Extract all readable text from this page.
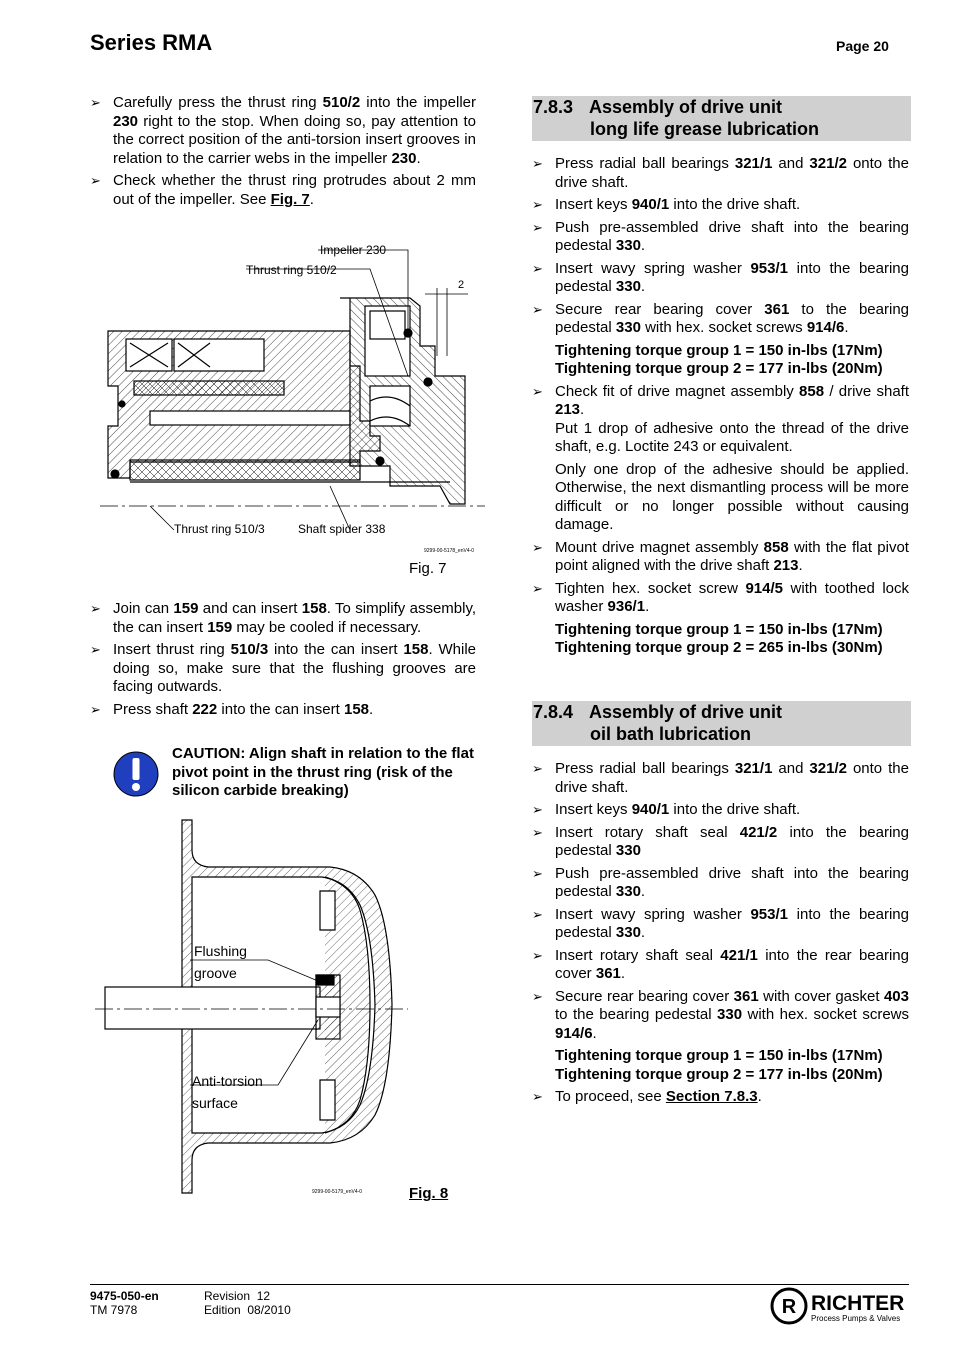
Series RMA	Page 20
➢ Carefully press the thrust ring 510/2 into the impeller 230 right to the stop. When doing so, pay attention to the correct position of the anti-torsion insert grooves in relation to the carrier webs in the impeller 230.
➢ Check whether the thrust ring protrudes about 2 mm out of the impeller. See Fig. 7.
Impeller 230
Thrust ring 510/2
2
Thrust ring 510/3	Shaft spider 338
9299-00-5178_enV4-0
Fig. 7
➢ Join can 159 and can insert 158. To simplify assembly, the can insert 159 may be cooled if necessary.
➢ Insert thrust ring 510/3 into the can insert 158. While doing so, make sure that the flushing grooves are facing outwards.
➢ Press shaft 222 into the can insert 158.
CAUTION: Align shaft in relation to the flat pivot point in the thrust ring (risk of the silicon carbide breaking)
Flushing
groove
Anti-torsion
surface
9299-00-5179_enV4-0	Fig. 8
7.8.3 Assembly of drive unit
long life grease lubrication
➢ Press radial ball bearings 321/1 and 321/2 onto the drive shaft.
➢ Insert keys 940/1 into the drive shaft.
➢ Push pre-assembled drive shaft into the bearing pedestal 330.
➢ Insert wavy spring washer 953/1 into the bearing pedestal 330.
➢ Secure rear bearing cover 361 to the bearing pedestal 330 with hex. socket screws 914/6.
Tightening torque group 1 = 150 in-lbs (17Nm)
Tightening torque group 2 = 177 in-lbs (20Nm)
➢ Check fit of drive magnet assembly 858 / drive shaft 213.
Put 1 drop of adhesive onto the thread of the drive shaft, e.g. Loctite 243 or equivalent.
Only one drop of the adhesive should be applied. Otherwise, the next dismantling process will be more difficult or no longer possible without causing damage.
➢ Mount drive magnet assembly 858 with the flat pivot point aligned with the drive shaft 213.
➢ Tighten hex. socket screw 914/5 with toothed lock washer 936/1.
Tightening torque group 1 = 150 in-lbs (17Nm)
Tightening torque group 2 = 265 in-lbs (30Nm)
7.8.4 Assembly of drive unit
oil bath lubrication
➢ Press radial ball bearings 321/1 and 321/2 onto the drive shaft.
➢ Insert keys 940/1 into the drive shaft.
➢ Insert rotary shaft seal 421/2 into the bearing pedestal 330
➢ Push pre-assembled drive shaft into the bearing pedestal 330.
➢ Insert wavy spring washer 953/1 into the bearing pedestal 330.
➢ Insert rotary shaft seal 421/1 into the rear bearing cover 361.
➢ Secure rear bearing cover 361 with cover gasket 403 to the bearing pedestal 330 with hex. socket screws 914/6.
Tightening torque group 1 = 150 in-lbs (17Nm)
Tightening torque group 2 = 177 in-lbs (20Nm)
➢ To proceed, see Section 7.8.3.
9475-050-en
TM 7978
Revision 12
Edition 08/2010	R RICHTER
Process Pumps & Valves
